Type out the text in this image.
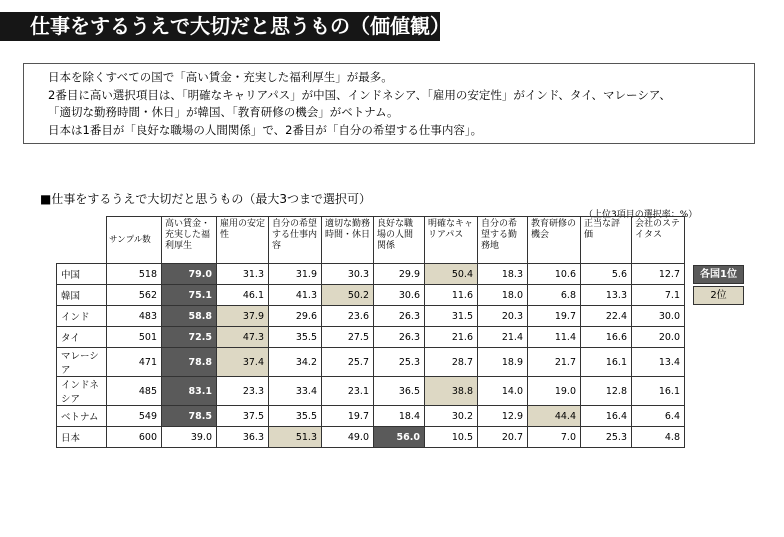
仕事をするうえで大切だと思うもの（価値観）
日本を除くすべての国で「高い賃金・充実した福利厚生」が最多。
2番目に高い選択項目は、「明確なキャリアパス」が中国、インドネシア、「雇用の安定性」がインド、タイ、マレーシア、
「適切な勤務時間・休日」が韓国、「教育研修の機会」がベトナム。
日本は1番目が「良好な職場の人間関係」で、2番目が「自分の希望する仕事内容」。
■仕事をするうえで大切だと思うもの（最大3つまで選択可）
（上位3項目の選択率：%）
	サンプル数	高い賃金・充実した福利厚生	雇用の安定性	自分の希望する仕事内容	適切な勤務時間・休日	良好な職場の人間関係	明確なキャリアパス	自分の希望する勤務地	教育研修の機会	正当な評価	会社のステイタス
中国	518	79.0	31.3	31.9	30.3	29.9	50.4	18.3	10.6	5.6	12.7
韓国	562	75.1	46.1	41.3	50.2	30.6	11.6	18.0	6.8	13.3	7.1
インド	483	58.8	37.9	29.6	23.6	26.3	31.5	20.3	19.7	22.4	30.0
タイ	501	72.5	47.3	35.5	27.5	26.3	21.6	21.4	11.4	16.6	20.0
マレーシア	471	78.8	37.4	34.2	25.7	25.3	28.7	18.9	21.7	16.1	13.4
インドネシア	485	83.1	23.3	33.4	23.1	36.5	38.8	14.0	19.0	12.8	16.1
ベトナム	549	78.5	37.5	35.5	19.7	18.4	30.2	12.9	44.4	16.4	6.4
日本	600	39.0	36.3	51.3	49.0	56.0	10.5	20.7	7.0	25.3	4.8
各国1位
2位
